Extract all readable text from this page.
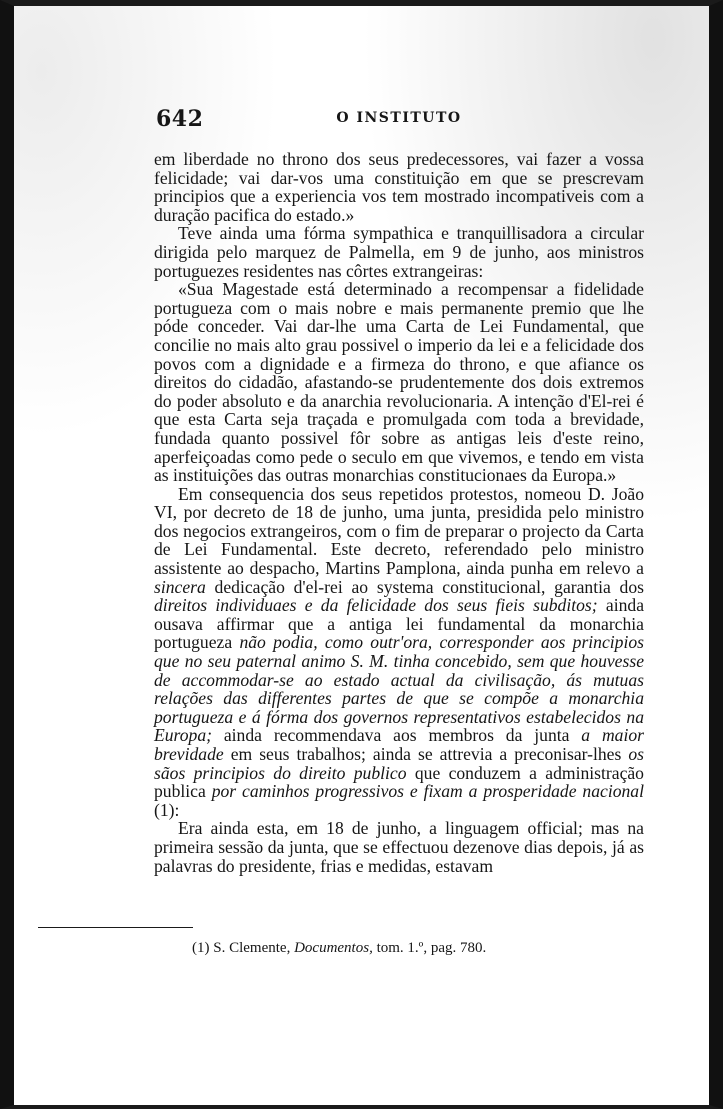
642	O INSTITUTO

em liberdade no throno dos seus predecessores, vai fazer a vossa felicidade; vai dar-vos uma constituição em que se prescrevam principios que a experiencia vos tem mostrado incompativeis com a duração pacifica do estado.»

Teve ainda uma fórma sympathica e tranquillisadora a circular dirigida pelo marquez de Palmella, em 9 de junho, aos ministros portuguezes residentes nas côrtes extrangeiras:

«Sua Magestade está determinado a recompensar a fidelidade portugueza com o mais nobre e mais permanente premio que lhe póde conceder. Vai dar-lhe uma Carta de Lei Fundamental, que concilie no mais alto grau possivel o imperio da lei e a felicidade dos povos com a dignidade e a firmeza do throno, e que afiance os direitos do cidadão, afastando-se prudentemente dos dois extremos do poder absoluto e da anarchia revolucionaria. A intenção d'El-rei é que esta Carta seja traçada e promulgada com toda a brevidade, fundada quanto possivel fôr sobre as antigas leis d'este reino, aperfeiçoadas como pede o seculo em que vivemos, e tendo em vista as instituições das outras monarchias constitucionaes da Europa.»

Em consequencia dos seus repetidos protestos, nomeou D. João VI, por decreto de 18 de junho, uma junta, presidida pelo ministro dos negocios extrangeiros, com o fim de preparar o projecto da Carta de Lei Fundamental. Este decreto, referendado pelo ministro assistente ao despacho, Martins Pamplona, ainda punha em relevo a sincera dedicação d'el-rei ao systema constitucional, garantia dos direitos individuaes e da felicidade dos seus fieis subditos; ainda ousava affirmar que a antiga lei fundamental da monarchia portugueza não podia, como outr'ora, corresponder aos principios que no seu paternal animo S. M. tinha concebido, sem que houvesse de accommodar-se ao estado actual da civilisação, ás mutuas relações das differentes partes de que se compõe a monarchia portugueza e á fórma dos governos representativos estabelecidos na Europa; ainda recommendava aos membros da junta a maior brevidade em seus trabalhos; ainda se attrevia a preconisar-lhes os sãos principios do direito publico que conduzem a administração publica por caminhos progressivos e fixam a prosperidade nacional (1):

Era ainda esta, em 18 de junho, a linguagem official; mas na primeira sessão da junta, que se effectuou dezenove dias depois, já as palavras do presidente, frias e medidas, estavam

(1) S. Clemente, Documentos, tom. 1.º, pag. 780.
